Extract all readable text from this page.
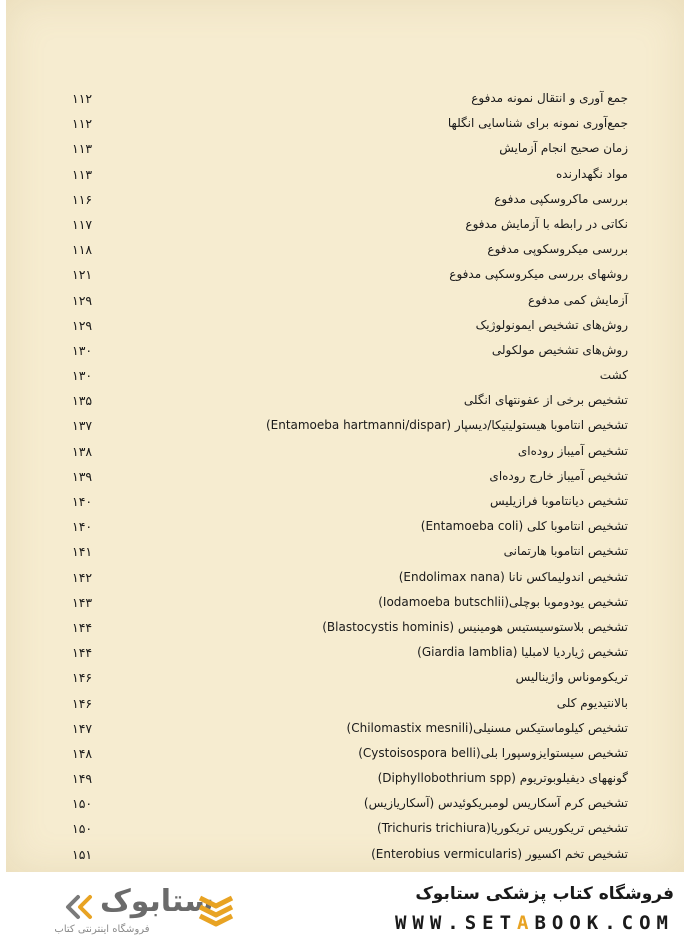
جمع آوری و انتقال نمونه مدفوع
۱۱۲
جمع‌آوری نمونه برای شناسایی انگلها
۱۱۲
زمان صحیح انجام آزمایش
۱۱۳
مواد نگهدارنده
۱۱۳
بررسی ماکروسکپی مدفوع
۱۱۶
نکاتی در رابطه با آزمایش مدفوع
۱۱۷
بررسی میکروسکوپی مدفوع
۱۱۸
روشهای بررسی میکروسکپی مدفوع
۱۲۱
آزمایش کمی مدفوع
۱۲۹
روش‌های تشخیص ایمونولوژیک
۱۲۹
روش‌های تشخیص مولکولی
۱۳۰
کشت
۱۳۰
تشخیص برخی از عفونتهای انگلی
۱۳۵
تشخیص انتاموبا هیستولیتیکا/دیسپار (Entamoeba hartmanni/dispar)
۱۳۷
تشخیص آمیباز روده‌ای
۱۳۸
تشخیص آمیباز خارج روده‌ای
۱۳۹
تشخیص دیانتاموبا فرازیلیس
۱۴۰
تشخیص انتاموبا کلی (Entamoeba coli)
۱۴۰
تشخیص انتاموبا هارتمانی
۱۴۱
تشخیص اندولیماکس نانا (Endolimax nana)
۱۴۲
تشخیص یودوموبا بوچلی(Iodamoeba butschlii)
۱۴۳
تشخیص بلاستوسیستیس هومینیس (Blastocystis hominis)
۱۴۴
تشخیص ژیاردیا لامبلیا (Giardia lamblia)
۱۴۴
تریکوموناس واژینالیس
۱۴۶
بالانتیدیوم کلی
۱۴۶
تشخیص کیلوماستیکس مسنیلی(Chilomastix mesnili)
۱۴۷
تشخیص سیستوایزوسپورا بلی(Cystoisospora belli)
۱۴۸
گونههای دیفیلوبوتریوم (Diphyllobothrium spp)
۱۴۹
تشخیص کرم آسکاریس لومبریکوئیدس (آسکاریازیس)
۱۵۰
تشخیص تریکوریس تریکوریا(Trichuris trichiura)
۱۵۰
تشخیص تخم اکسیور (Enterobius vermicularis)
۱۵۱
ستابوک
فروشگاه اینترنتی کتاب
فروشگاه کتاب پزشکی ستابوک
WWW.SETABOOK.COM
